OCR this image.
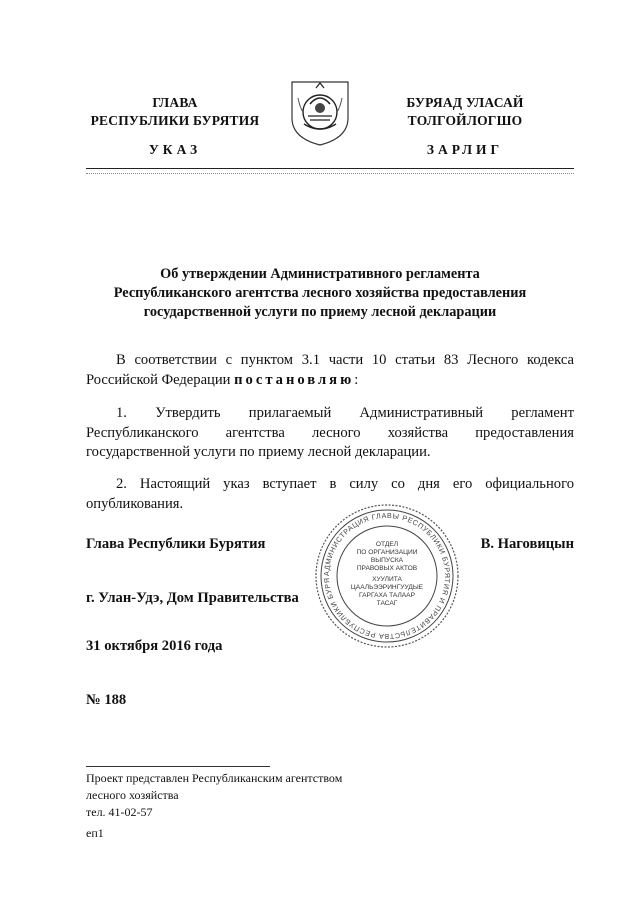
ГЛАВА
РЕСПУБЛИКИ БУРЯТИЯ
БУРЯАД УЛАСАЙ
ТОЛГОЙЛОГШО
УКАЗ	ЗАРЛИГ
Об утверждении Административного регламента
Республиканского агентства лесного хозяйства предоставления
государственной услуги по приему лесной декларации
В соответствии с пунктом 3.1 части 10 статьи 83 Лесного кодекса Российской Федерации постановляю:
1. Утвердить прилагаемый Административный регламент Республиканского агентства лесного хозяйства предоставления государственной услуги по приему лесной декларации.
2. Настоящий указ вступает в силу со дня его официального опубликования.
АДМИНИСТРАЦИЯ ГЛАВЫ РЕСПУБЛИКИ БУРЯТИЯ И ПРАВИТЕЛЬСТВА РЕСПУБЛИКИ БУРЯ
ОТДЕЛ
ПО ОРГАНИЗАЦИИ
ВЫПУСКА
ПРАВОВЫХ АКТОВ
ХУУЛИТА
ЦААЛЬЭЭРИНГУУДЫЕ
ГАРГАХА ТАЛААР
ТАСАГ
Глава Республики Бурятия	В. Наговицын
г. Улан-Удэ, Дом Правительства
31 октября 2016 года
№ 188
Проект представлен Республиканским агентством
лесного хозяйства
тел. 41-02-57
еп1
